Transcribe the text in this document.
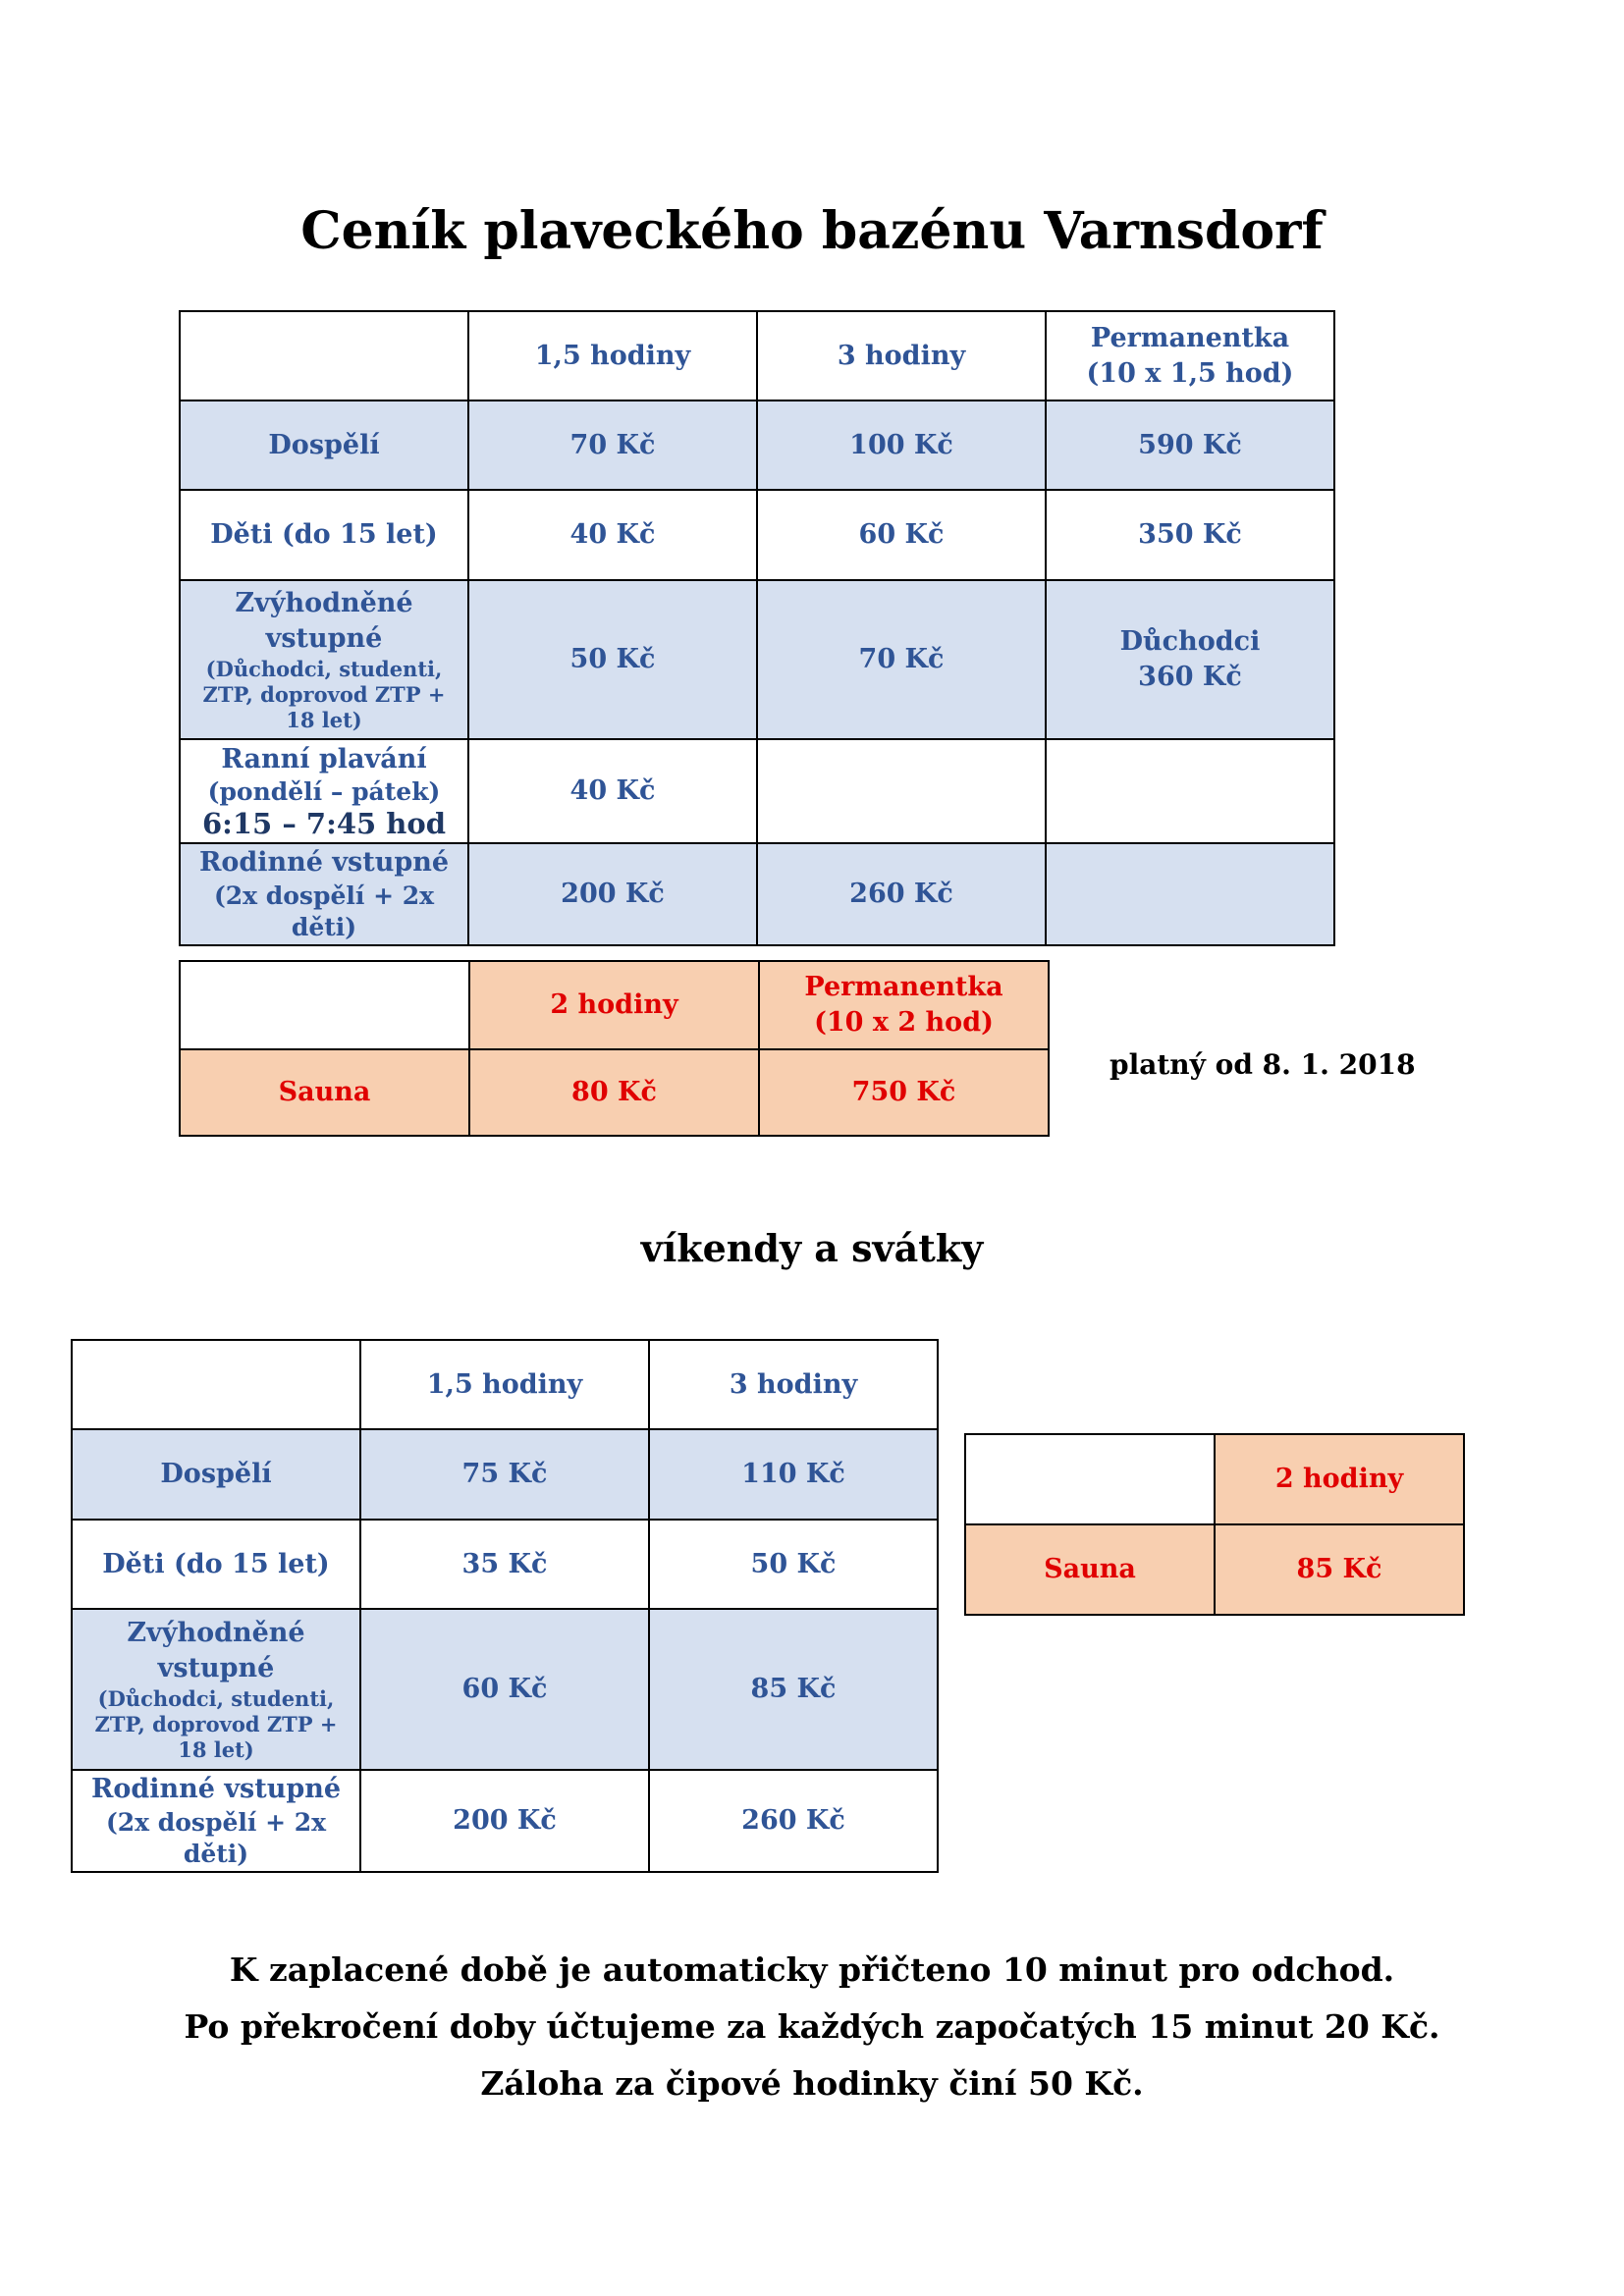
Ceník plaveckého bazénu Varnsdorf
	1,5 hodiny	3 hodiny	Permanentka
(10 x 1,5 hod)

Dospělí	70 Kč	100 Kč	590 Kč
Děti (do 15 let)	40 Kč	60 Kč	350 Kč

Zvýhodněné
vstupné
(Důchodci, studenti,
ZTP, doprovod ZTP +
18 let)	50 Kč	70 Kč	Důchodci
360 Kč

Ranní plavání
(pondělí – pátek)
6:15 – 7:45 hod	40 Kč		

Rodinné vstupné
(2x dospělí + 2x
děti)	200 Kč	260 Kč	
	2 hodiny	Permanentka
(10 x 2 hod)

Sauna	80 Kč	750 Kč
platný od 8. 1. 2018
víkendy a svátky
	1,5 hodiny	3 hodiny
Dospělí	75 Kč	110 Kč
Děti (do 15 let)	35 Kč	50 Kč

Zvýhodněné
vstupné
(Důchodci, studenti,
ZTP, doprovod ZTP +
18 let)	60 Kč	85 Kč

Rodinné vstupné
(2x dospělí + 2x
děti)	200 Kč	260 Kč
	2 hodiny
Sauna	85 Kč
K zaplacené době je automaticky přičteno 10 minut pro odchod.
Po překročení doby účtujeme za každých započatých 15 minut 20 Kč.
Záloha za čipové hodinky činí 50 Kč.
